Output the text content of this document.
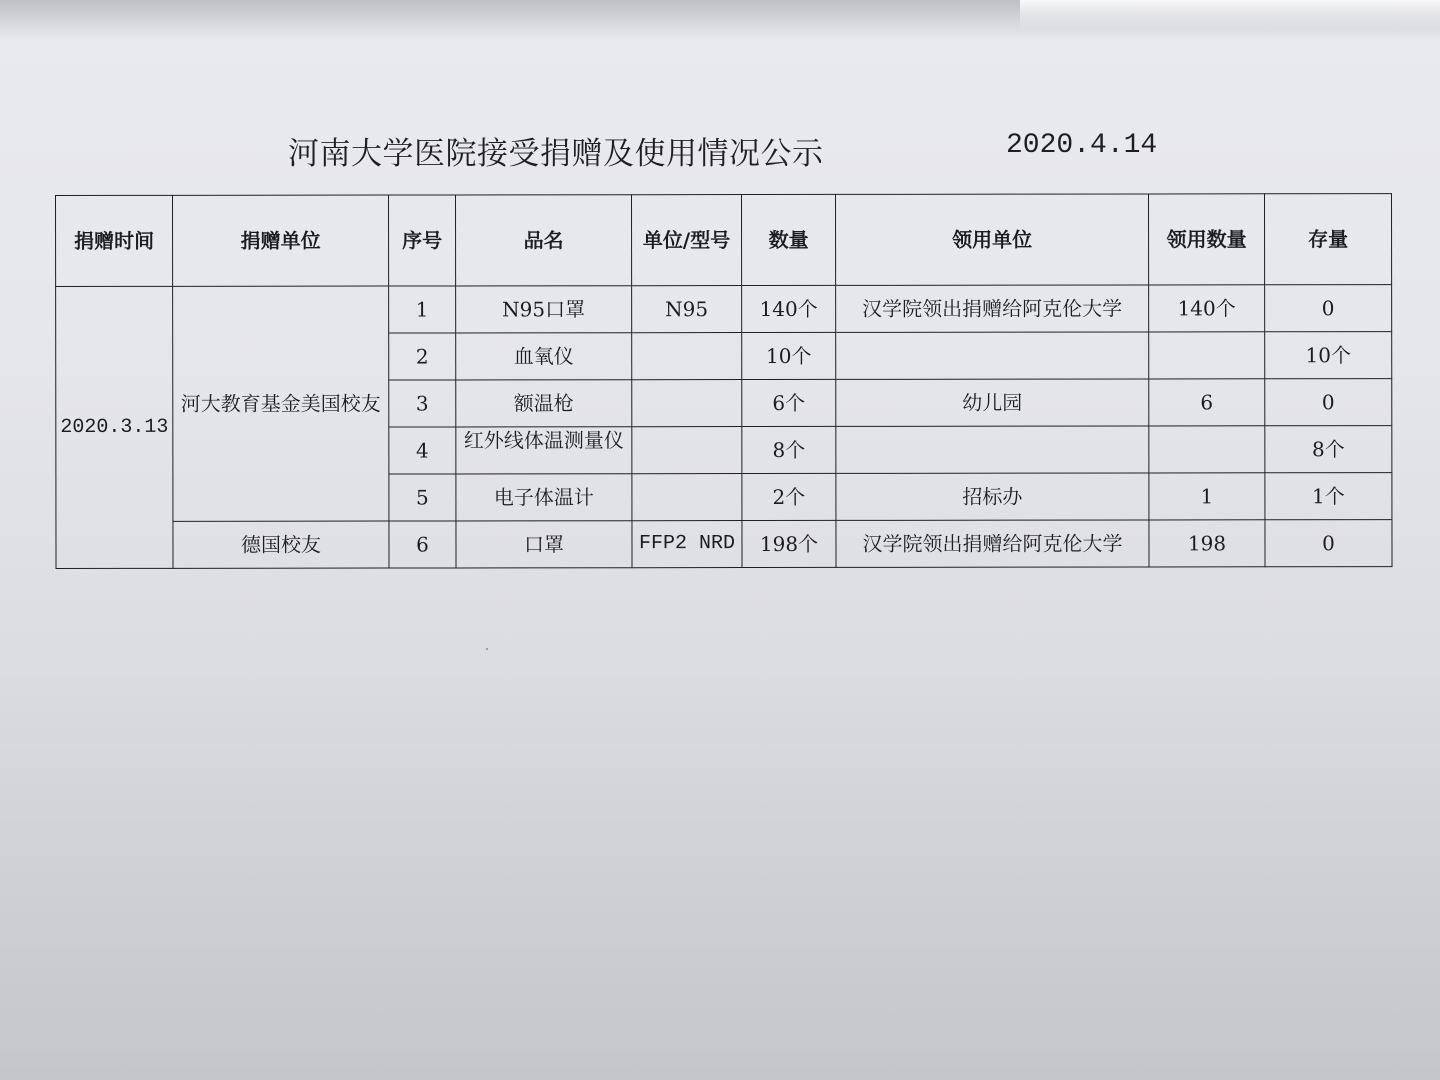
河南大学医院接受捐赠及使用情况公示	2020.4.14
捐赠时间	捐赠单位	序号	品名	单位/型号	数量	领用单位	领用数量	存量
2020.3.13	河大教育基金美国校友	1	N95口罩	N95	140个	汉学院领出捐赠给阿克伦大学	140个	0
		2	血氧仪		10个			10个
		3	额温枪		6个	幼儿园	6	0
		4	红外线体温测量仪		8个			8个
		5	电子体温计		2个	招标办	1	1个
	德国校友	6	口罩	FFP2 NRD	198个	汉学院领出捐赠给阿克伦大学	198	0
